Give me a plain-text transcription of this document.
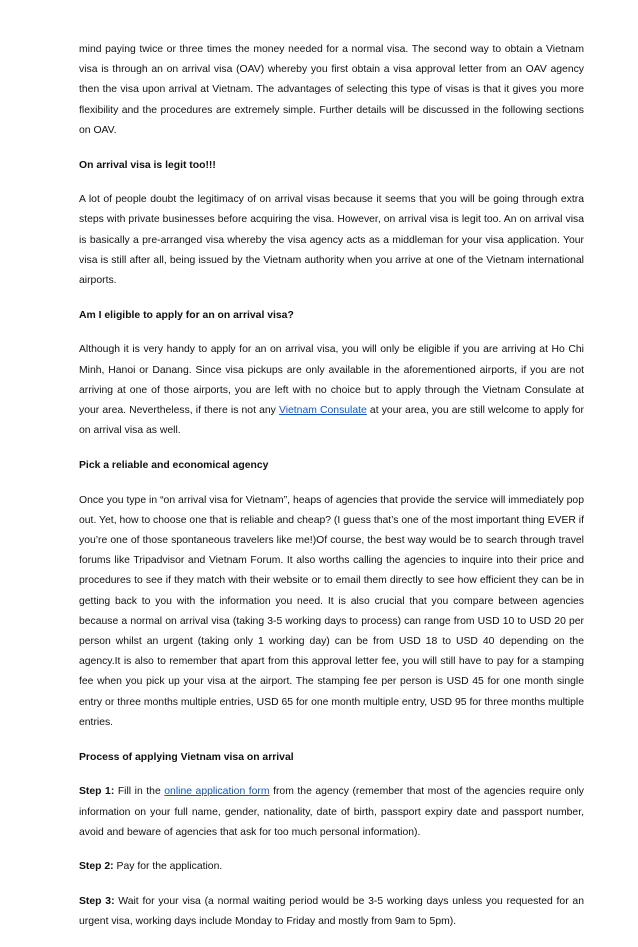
mind paying twice or three times the money needed for a normal visa. The second way to obtain a Vietnam visa is through an on arrival visa (OAV) whereby you first obtain a visa approval letter from an OAV agency then the visa upon arrival at Vietnam. The advantages of selecting this type of visas is that it gives you more flexibility and the procedures are extremely simple. Further details will be discussed in the following sections on OAV.

On arrival visa is legit too!!!

A lot of people doubt the legitimacy of on arrival visas because it seems that you will be going through extra steps with private businesses before acquiring the visa. However, on arrival visa is legit too. An on arrival visa is basically a pre-arranged visa whereby the visa agency acts as a middleman for your visa application. Your visa is still after all, being issued by the Vietnam authority when you arrive at one of the Vietnam international airports.

Am I eligible to apply for an on arrival visa?

Although it is very handy to apply for an on arrival visa, you will only be eligible if you are arriving at Ho Chi Minh, Hanoi or Danang. Since visa pickups are only available in the aforementioned airports, if you are not arriving at one of those airports, you are left with no choice but to apply through the Vietnam Consulate at your area. Nevertheless, if there is not any Vietnam Consulate at your area, you are still welcome to apply for on arrival visa as well.

Pick a reliable and economical agency

Once you type in “on arrival visa for Vietnam”, heaps of agencies that provide the service will immediately pop out. Yet, how to choose one that is reliable and cheap? (I guess that’s one of the most important thing EVER if you’re one of those spontaneous travelers like me!)Of course, the best way would be to search through travel forums like Tripadvisor and Vietnam Forum. It also worths calling the agencies to inquire into their price and procedures to see if they match with their website or to email them directly to see how efficient they can be in getting back to you with the information you need. It is also crucial that you compare between agencies because a normal on arrival visa (taking 3-5 working days to process) can range from USD 10 to USD 20 per person whilst an urgent (taking only 1 working day) can be from USD 18 to USD 40 depending on the agency.It is also to remember that apart from this approval letter fee, you will still have to pay for a stamping fee when you pick up your visa at the airport. The stamping fee per person is USD 45 for one month single entry or three months multiple entries, USD 65 for one month multiple entry, USD 95 for three months multiple entries.

Process of applying Vietnam visa on arrival

Step 1: Fill in the online application form from the agency (remember that most of the agencies require only information on your full name, gender, nationality, date of birth, passport expiry date and passport number, avoid and beware of agencies that ask for too much personal information).

Step 2: Pay for the application.

Step 3: Wait for your visa (a normal waiting period would be 3-5 working days unless you requested for an urgent visa, working days include Monday to Friday and mostly from 9am to 5pm).
